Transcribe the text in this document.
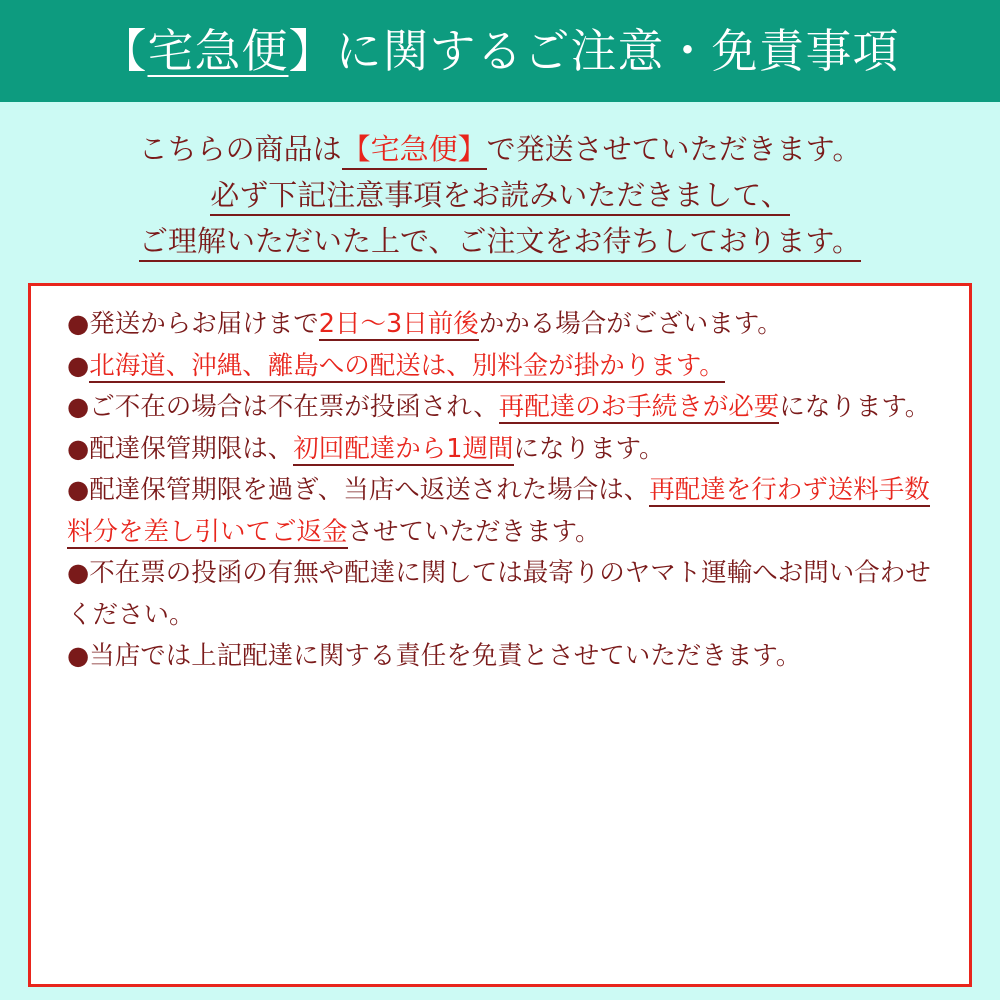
【宅急便】に関するご注意・免責事項
こちらの商品は【宅急便】で発送させていただきます。
必ず下記注意事項をお読みいただきまして、
ご理解いただいた上で、ご注文をお待ちしております。
●発送からお届けまで2日〜3日前後かかる場合がございます。
●北海道、沖縄、離島への配送は、別料金が掛かります。
●ご不在の場合は不在票が投函され、再配達のお手続きが必要になります。
●配達保管期限は、初回配達から1週間になります。
●配達保管期限を過ぎ、当店へ返送された場合は、再配達を行わず送料手数料分を差し引いてご返金させていただきます。
●不在票の投函の有無や配達に関しては最寄りのヤマト運輸へお問い合わせください。
●当店では上記配達に関する責任を免責とさせていただきます。
